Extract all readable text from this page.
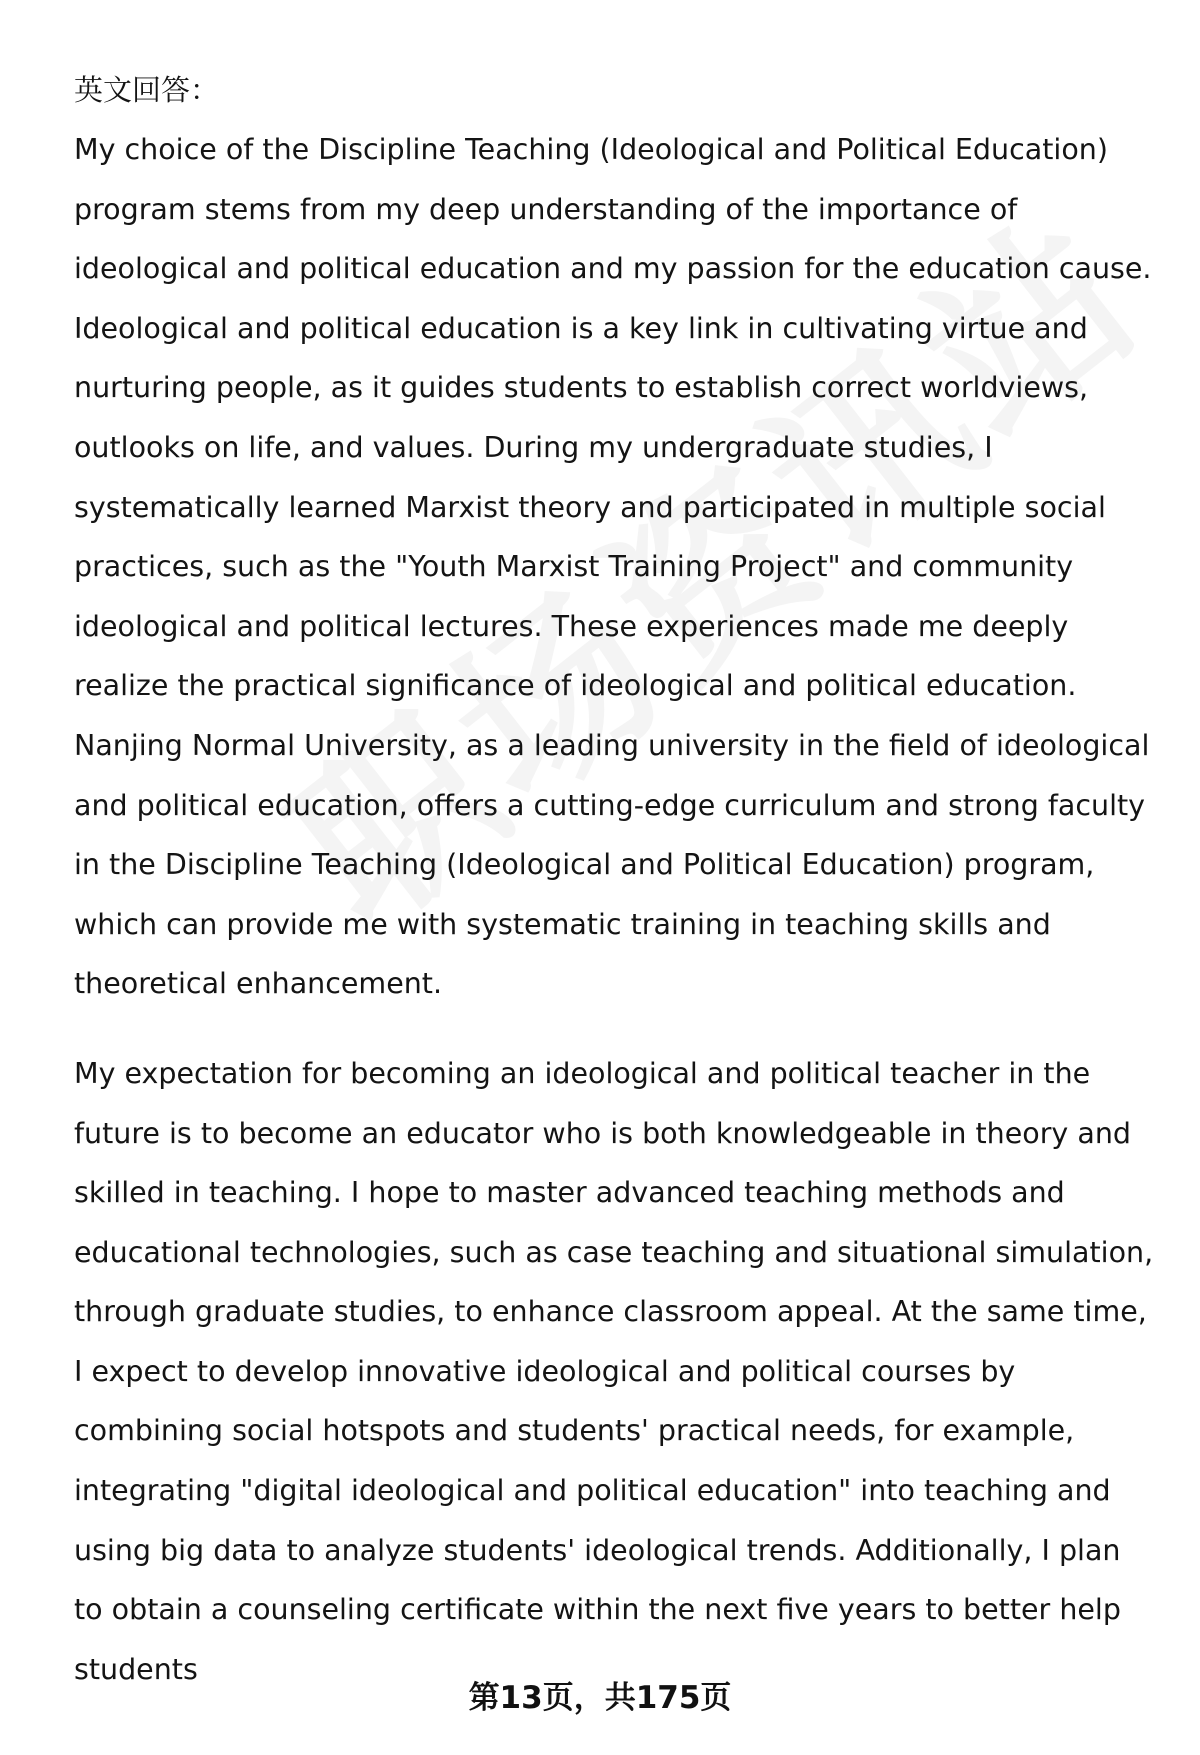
英文回答：

My choice of the Discipline Teaching (Ideological and Political Education) program stems from my deep understanding of the importance of ideological and political education and my passion for the education cause. Ideological and political education is a key link in cultivating virtue and nurturing people, as it guides students to establish correct worldviews, outlooks on life, and values. During my undergraduate studies, I systematically learned Marxist theory and participated in multiple social practices, such as the "Youth Marxist Training Project" and community ideological and political lectures. These experiences made me deeply realize the practical significance of ideological and political education. Nanjing Normal University, as a leading university in the field of ideological and political education, offers a cutting-edge curriculum and strong faculty in the Discipline Teaching (Ideological and Political Education) program, which can provide me with systematic training in teaching skills and theoretical enhancement.

My expectation for becoming an ideological and political teacher in the future is to become an educator who is both knowledgeable in theory and skilled in teaching. I hope to master advanced teaching methods and educational technologies, such as case teaching and situational simulation, through graduate studies, to enhance classroom appeal. At the same time, I expect to develop innovative ideological and political courses by combining social hotspots and students' practical needs, for example, integrating "digital ideological and political education" into teaching and using big data to analyze students' ideological trends. Additionally, I plan to obtain a counseling certificate within the next five years to better help students

第13页，共175页
